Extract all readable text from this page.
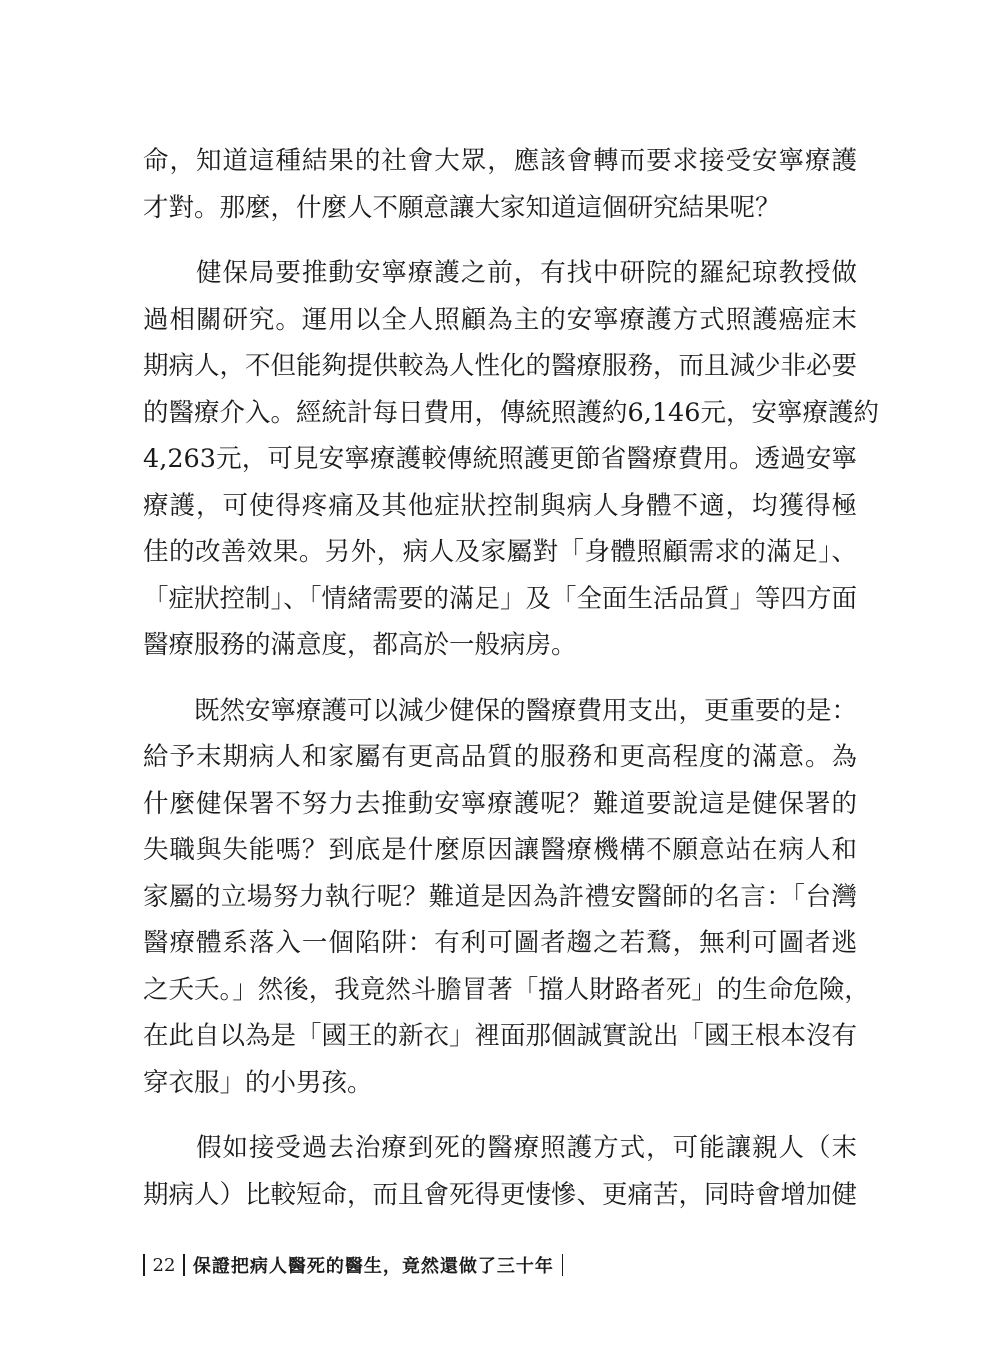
命，知道這種結果的社會大眾，應該會轉而要求接受安寧療護
才對。那麼，什麼人不願意讓大家知道這個研究結果呢？
　　健保局要推動安寧療護之前，有找中研院的羅紀琼教授做
過相關研究。運用以全人照顧為主的安寧療護方式照護癌症末
期病人，不但能夠提供較為人性化的醫療服務，而且減少非必要
的醫療介入。經統計每日費用，傳統照護約6,146元，安寧療護約
4,263元，可見安寧療護較傳統照護更節省醫療費用。透過安寧
療護，可使得疼痛及其他症狀控制與病人身體不適，均獲得極
佳的改善效果。另外，病人及家屬對「身體照顧需求的滿足」、
「症狀控制」、「情緒需要的滿足」及「全面生活品質」等四方面
醫療服務的滿意度，都高於一般病房。
　　既然安寧療護可以減少健保的醫療費用支出，更重要的是：
給予末期病人和家屬有更高品質的服務和更高程度的滿意。為
什麼健保署不努力去推動安寧療護呢？難道要說這是健保署的
失職與失能嗎？到底是什麼原因讓醫療機構不願意站在病人和
家屬的立場努力執行呢？難道是因為許禮安醫師的名言：「台灣
醫療體系落入一個陷阱：有利可圖者趨之若鶩，無利可圖者逃
之夭夭。」然後，我竟然斗膽冒著「擋人財路者死」的生命危險，
在此自以為是「國王的新衣」裡面那個誠實說出「國王根本沒有
穿衣服」的小男孩。
　　假如接受過去治療到死的醫療照護方式，可能讓親人（末
期病人）比較短命，而且會死得更悽慘、更痛苦，同時會增加健
22 保證把病人醫死的醫生，竟然還做了三十年
